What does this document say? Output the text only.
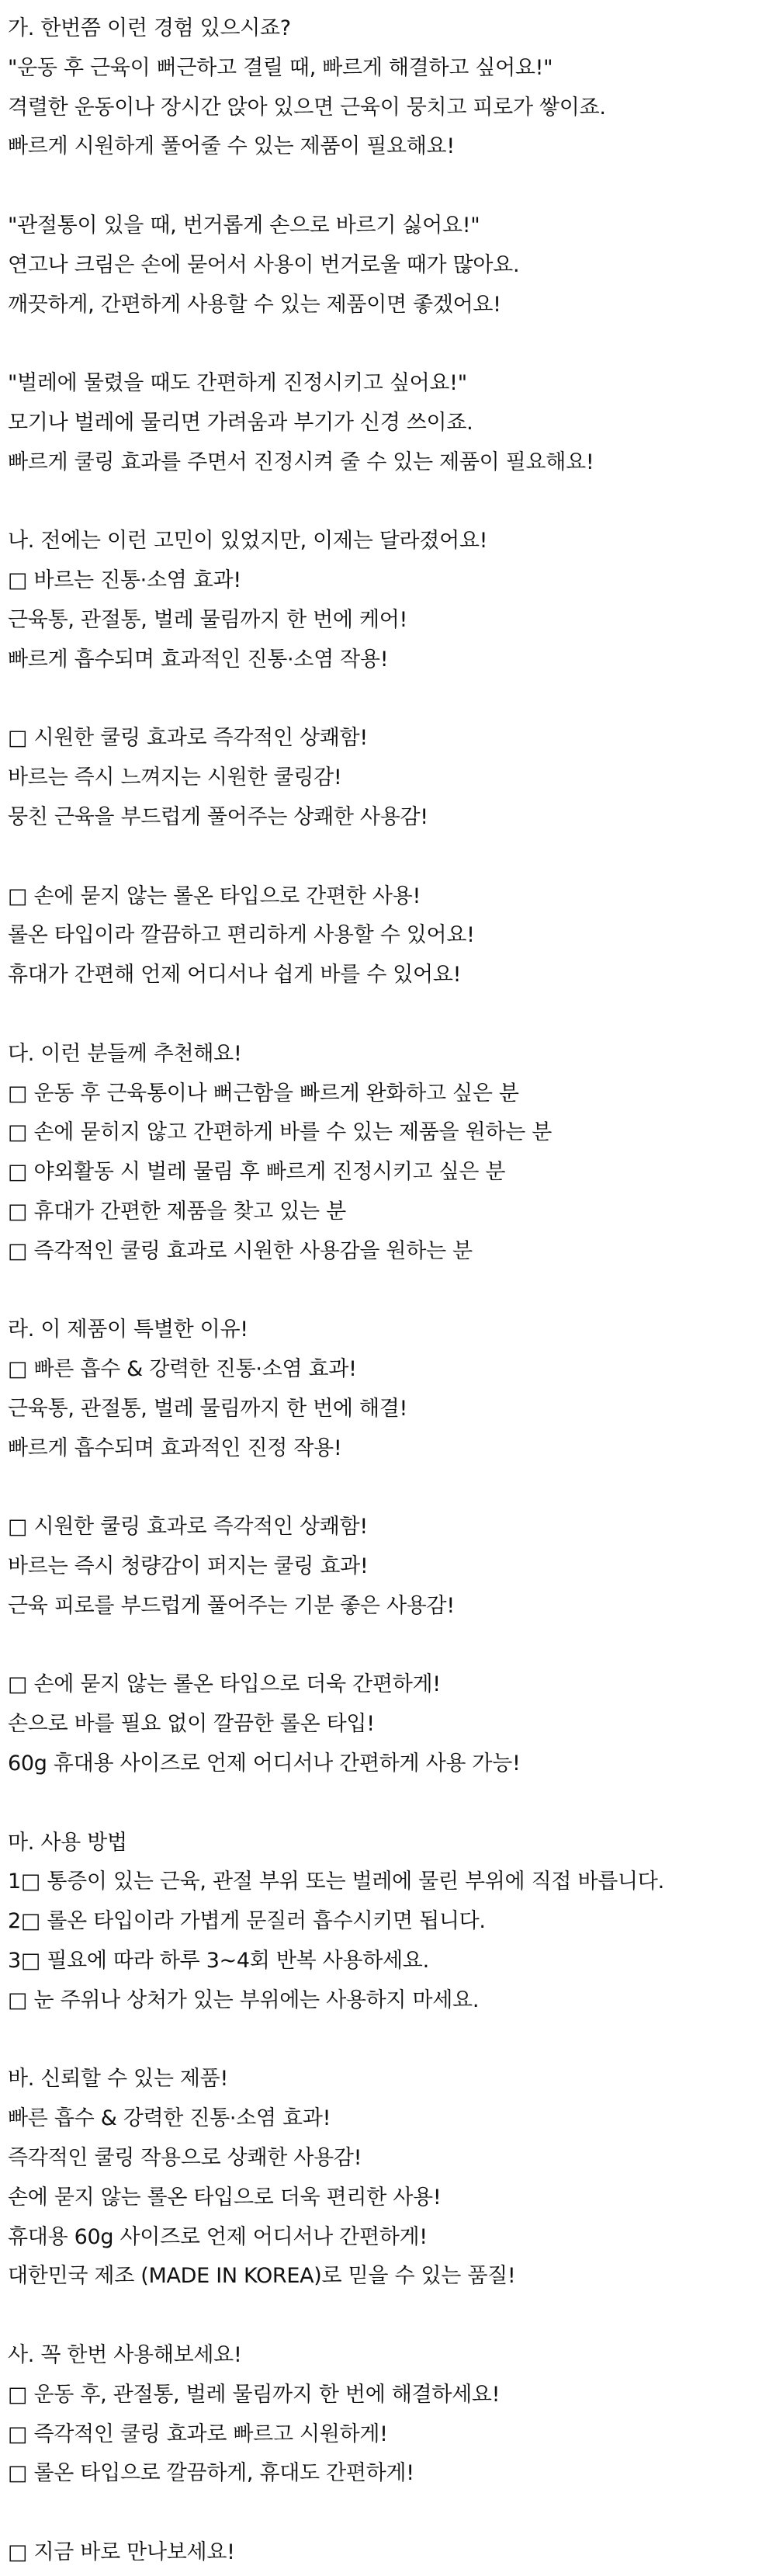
가. 한번쯤 이런 경험 있으시죠?
"운동 후 근육이 뻐근하고 결릴 때, 빠르게 해결하고 싶어요!"
격렬한 운동이나 장시간 앉아 있으면 근육이 뭉치고 피로가 쌓이죠.
빠르게 시원하게 풀어줄 수 있는 제품이 필요해요!
"관절통이 있을 때, 번거롭게 손으로 바르기 싫어요!"
연고나 크림은 손에 묻어서 사용이 번거로울 때가 많아요.
깨끗하게, 간편하게 사용할 수 있는 제품이면 좋겠어요!
"벌레에 물렸을 때도 간편하게 진정시키고 싶어요!"
모기나 벌레에 물리면 가려움과 부기가 신경 쓰이죠.
빠르게 쿨링 효과를 주면서 진정시켜 줄 수 있는 제품이 필요해요!
나. 전에는 이런 고민이 있었지만, 이제는 달라졌어요!
□ 바르는 진통·소염 효과!
근육통, 관절통, 벌레 물림까지 한 번에 케어!
빠르게 흡수되며 효과적인 진통·소염 작용!
□ 시원한 쿨링 효과로 즉각적인 상쾌함!
바르는 즉시 느껴지는 시원한 쿨링감!
뭉친 근육을 부드럽게 풀어주는 상쾌한 사용감!
□ 손에 묻지 않는 롤온 타입으로 간편한 사용!
롤온 타입이라 깔끔하고 편리하게 사용할 수 있어요!
휴대가 간편해 언제 어디서나 쉽게 바를 수 있어요!
다. 이런 분들께 추천해요!
□ 운동 후 근육통이나 뻐근함을 빠르게 완화하고 싶은 분
□ 손에 묻히지 않고 간편하게 바를 수 있는 제품을 원하는 분
□ 야외활동 시 벌레 물림 후 빠르게 진정시키고 싶은 분
□ 휴대가 간편한 제품을 찾고 있는 분
□ 즉각적인 쿨링 효과로 시원한 사용감을 원하는 분
라. 이 제품이 특별한 이유!
□ 빠른 흡수 & 강력한 진통·소염 효과!
근육통, 관절통, 벌레 물림까지 한 번에 해결!
빠르게 흡수되며 효과적인 진정 작용!
□ 시원한 쿨링 효과로 즉각적인 상쾌함!
바르는 즉시 청량감이 퍼지는 쿨링 효과!
근육 피로를 부드럽게 풀어주는 기분 좋은 사용감!
□ 손에 묻지 않는 롤온 타입으로 더욱 간편하게!
손으로 바를 필요 없이 깔끔한 롤온 타입!
60g 휴대용 사이즈로 언제 어디서나 간편하게 사용 가능!
마. 사용 방법
1□ 통증이 있는 근육, 관절 부위 또는 벌레에 물린 부위에 직접 바릅니다.
2□ 롤온 타입이라 가볍게 문질러 흡수시키면 됩니다.
3□ 필요에 따라 하루 3~4회 반복 사용하세요.
□ 눈 주위나 상처가 있는 부위에는 사용하지 마세요.
바. 신뢰할 수 있는 제품!
빠른 흡수 & 강력한 진통·소염 효과!
즉각적인 쿨링 작용으로 상쾌한 사용감!
손에 묻지 않는 롤온 타입으로 더욱 편리한 사용!
휴대용 60g 사이즈로 언제 어디서나 간편하게!
대한민국 제조 (MADE IN KOREA)로 믿을 수 있는 품질!
사. 꼭 한번 사용해보세요!
□ 운동 후, 관절통, 벌레 물림까지 한 번에 해결하세요!
□ 즉각적인 쿨링 효과로 빠르고 시원하게!
□ 롤온 타입으로 깔끔하게, 휴대도 간편하게!
□ 지금 바로 만나보세요!
